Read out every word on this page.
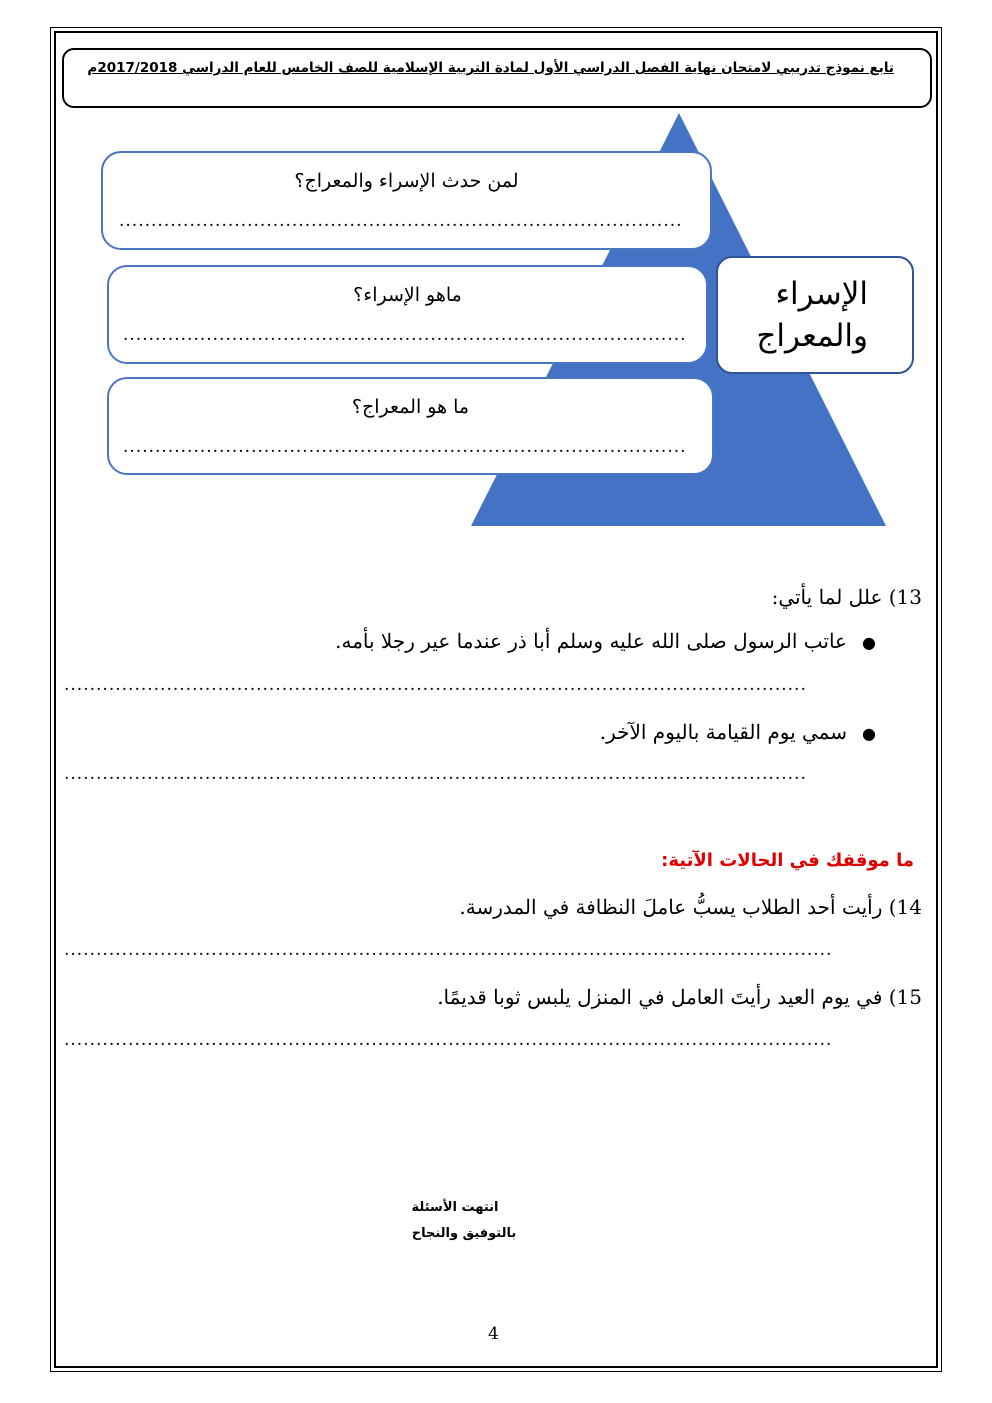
تابع نموذج تدريبي لامتحان نهاية الفصل الدراسي الأول لمادة التربية الإسلامية للصف الخامس للعام الدراسي 2017/2018م
لمن حدث الإسراء والمعراج؟
........................................................................................
ماهو الإسراء؟
........................................................................................
ما هو المعراج؟
........................................................................................
الإسراء
والمعراج
13) علل لما يأتي:
●
عاتب الرسول صلى الله عليه وسلم أبا ذر عندما عير رجلا بأمه.
....................................................................................................................
●
سمي يوم القيامة باليوم الآخر.
....................................................................................................................
ما موقفك في الحالات الآتية:
14) رأيت أحد الطلاب يسبُّ عاملَ النظافة في المدرسة.
........................................................................................................................
15) في يوم العيد رأيتَ العامل في المنزل يلبس ثوبا قديمًا.
........................................................................................................................
انتهت الأسئلة
بالتوفيق والنجاح
4
